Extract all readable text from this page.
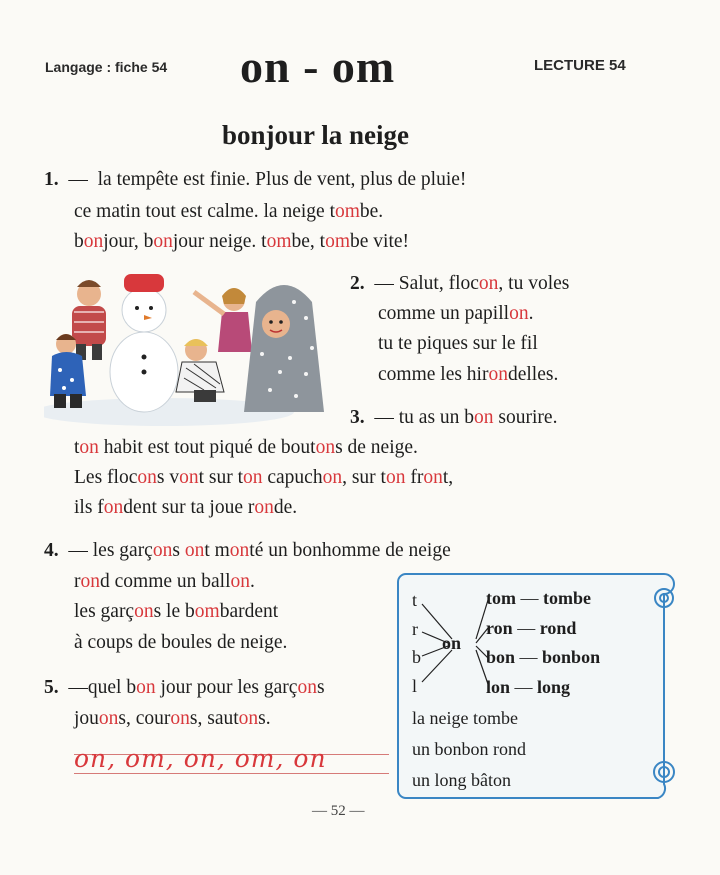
Langage : fiche 54 on - om	LECTURE 54
bonjour la neige
1. — la tempête est finie. Plus de vent, plus de pluie!
ce matin tout est calme. la neige tombe.
bonjour, bonjour neige. tombe, tombe vite!
2. — Salut, flocon, tu voles
comme un papillon.
tu te piques sur le fil
comme les hirondelles.
3. — tu as un bon sourire.
ton habit est tout piqué de boutons de neige.
Les flocons vont sur ton capuchon, sur ton front,
ils fondent sur ta joue ronde.
4. — les garçons ont monté un bonhomme de neige
rond comme un ballon.
les garçons le bombardent
à coups de boules de neige.
5. —quel bon jour pour les garçons
jouons, courons, sautons.
on, om, on, om, on
t
r
b
l
on
tom — tombe
ron — rond
bon — bonbon
lon — long
la neige tombe
un bonbon rond
un long bâton
— 52 —
